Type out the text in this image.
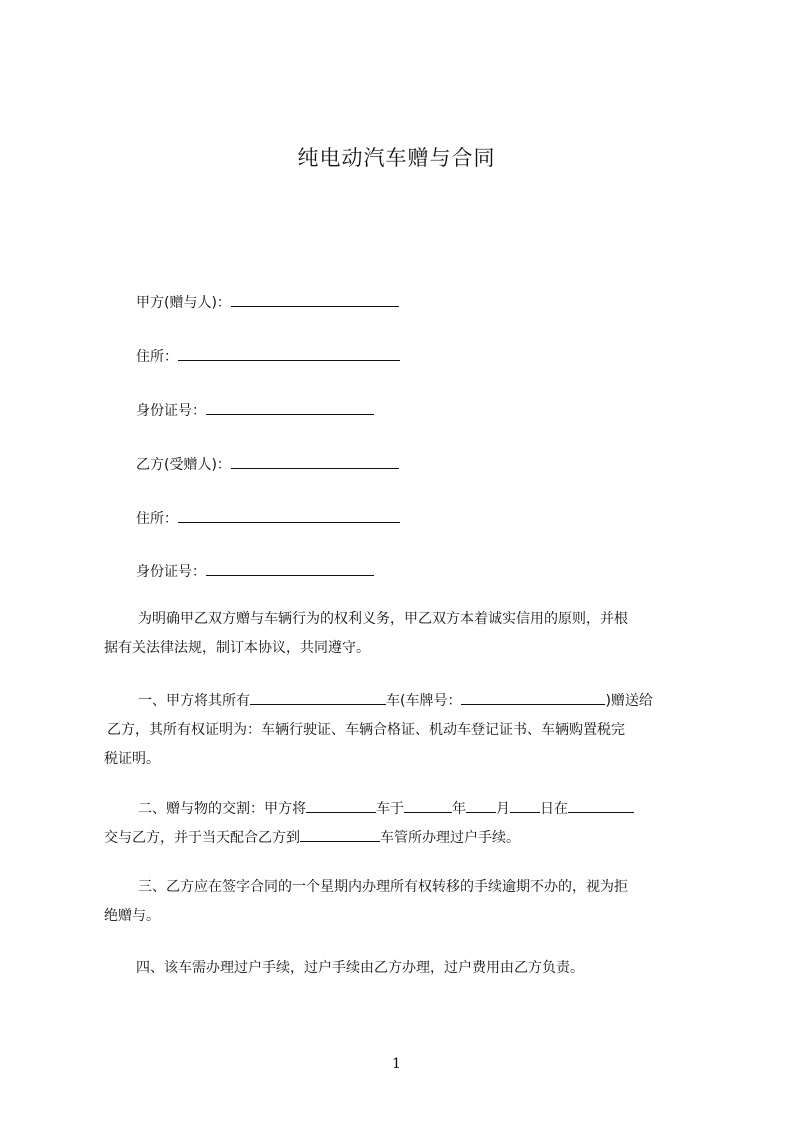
纯电动汽车赠与合同
甲方(赠与人)：
住所：
身份证号：
乙方(受赠人)：
住所：
身份证号：
为明确甲乙双方赠与车辆行为的权利义务，甲乙双方本着诚实信用的原则，并根
据有关法律法规，制订本协议，共同遵守。
一、甲方将其所有	车(车牌号：	)赠送给
乙方，其所有权证明为：车辆行驶证、车辆合格证、机动车登记证书、车辆购置税完
税证明。
二、赠与物的交割：甲方将	车于	年 月 日在
交与乙方，并于当天配合乙方到	车管所办理过户手续。
三、乙方应在签字合同的一个星期内办理所有权转移的手续逾期不办的，视为拒
绝赠与。
四、该车需办理过户手续，过户手续由乙方办理，过户费用由乙方负责。
1
